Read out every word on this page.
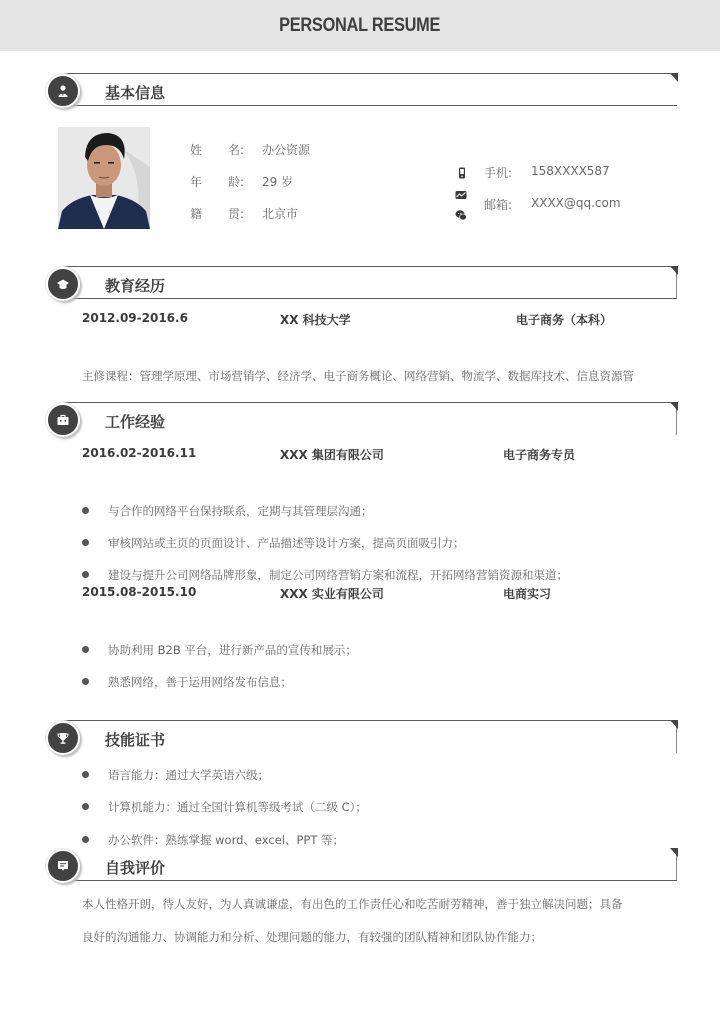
PERSONAL RESUME
基本信息
姓 名: 办公资源
年 龄: 29 岁
籍 贯: 北京市
手机: 158XXXX587
邮箱: XXXX@qq.com
教育经历
2012.09-2016.6	XX 科技大学	电子商务（本科）
主修课程：管理学原理、市场营销学、经济学、电子商务概论、网络营销、物流学、数据库技术、信息资源管
工作经验
2016.02-2016.11	XXX 集团有限公司	电子商务专员
与合作的网络平台保持联系，定期与其管理层沟通；
审核网站或主页的页面设计、产品描述等设计方案，提高页面吸引力；
建设与提升公司网络品牌形象，制定公司网络营销方案和流程，开拓网络营销资源和渠道；
2015.08-2015.10	XXX 实业有限公司	电商实习
协助利用 B2B 平台，进行新产品的宣传和展示；
熟悉网络，善于运用网络发布信息；
技能证书
语言能力：通过大学英语六级；
计算机能力：通过全国计算机等级考试（二级 C）；
办公软件：熟练掌握 word、excel、PPT 等；
自我评价
本人性格开朗，待人友好，为人真诚谦虚，有出色的工作责任心和吃苦耐劳精神，善于独立解决问题；具备
良好的沟通能力、协调能力和分析、处理问题的能力，有较强的团队精神和团队协作能力；
